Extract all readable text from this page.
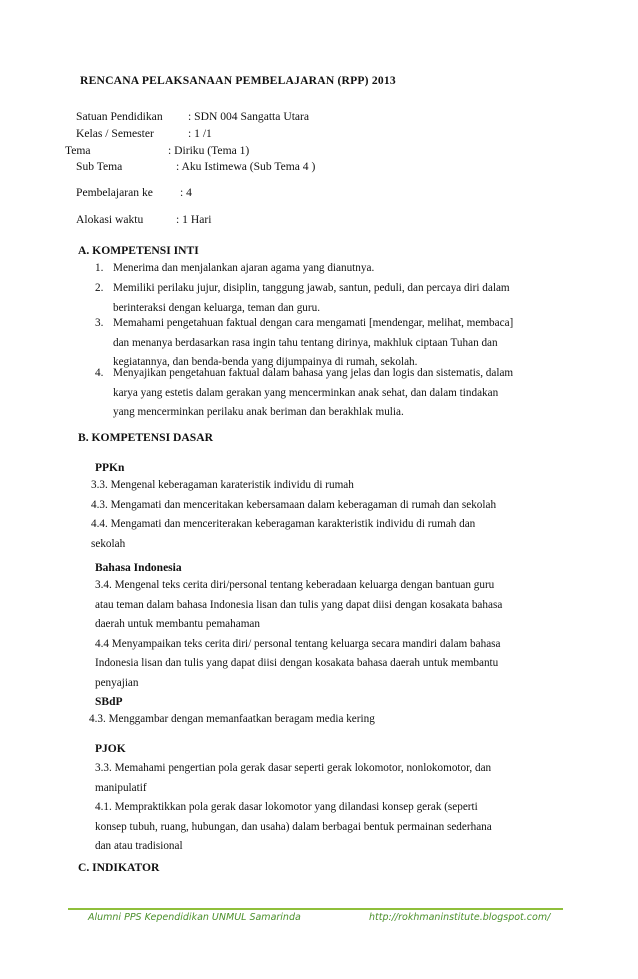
RENCANA PELAKSANAAN PEMBELAJARAN (RPP) 2013
Satuan Pendidikan : SDN 004 Sangatta Utara
Kelas / Semester	: 1 /1
Tema	: Diriku (Tema 1)
Sub Tema	: Aku Istimewa (Sub Tema 4 )
Pembelajaran ke : 4
Alokasi waktu	: 1 Hari
A. KOMPETENSI INTI
1. Menerima dan menjalankan ajaran agama yang dianutnya.
2. Memiliki perilaku jujur, disiplin, tanggung jawab, santun, peduli, dan percaya diri dalam
berinteraksi dengan keluarga, teman dan guru.
3. Memahami pengetahuan faktual dengan cara mengamati [mendengar, melihat, membaca]
dan menanya berdasarkan rasa ingin tahu tentang dirinya, makhluk ciptaan Tuhan dan
kegiatannya, dan benda-benda yang dijumpainya di rumah, sekolah.
4. Menyajikan pengetahuan faktual dalam bahasa yang jelas dan logis dan sistematis, dalam
karya yang estetis dalam gerakan yang mencerminkan anak sehat, dan dalam tindakan
yang mencerminkan perilaku anak beriman dan berakhlak mulia.
B. KOMPETENSI DASAR
PPKn
3.3. Mengenal keberagaman karateristik individu di rumah
4.3. Mengamati dan menceritakan kebersamaan dalam keberagaman di rumah dan sekolah
4.4. Mengamati dan menceriterakan keberagaman karakteristik individu di rumah dan
sekolah
Bahasa Indonesia
3.4. Mengenal teks cerita diri/personal tentang keberadaan keluarga dengan bantuan guru
atau teman dalam bahasa Indonesia lisan dan tulis yang dapat diisi dengan kosakata bahasa
daerah untuk membantu pemahaman
4.4 Menyampaikan teks cerita diri/ personal tentang keluarga secara mandiri dalam bahasa
Indonesia lisan dan tulis yang dapat diisi dengan kosakata bahasa daerah untuk membantu
penyajian
SBdP
4.3. Menggambar dengan memanfaatkan beragam media kering
PJOK
3.3. Memahami pengertian pola gerak dasar seperti gerak lokomotor, nonlokomotor, dan
manipulatif
4.1. Mempraktikkan pola gerak dasar lokomotor yang dilandasi konsep gerak (seperti
konsep tubuh, ruang, hubungan, dan usaha) dalam berbagai bentuk permainan sederhana
dan atau tradisional
C. INDIKATOR
Alumni PPS Kependidikan UNMUL Samarinda	http://rokhmaninstitute.blogspot.com/
